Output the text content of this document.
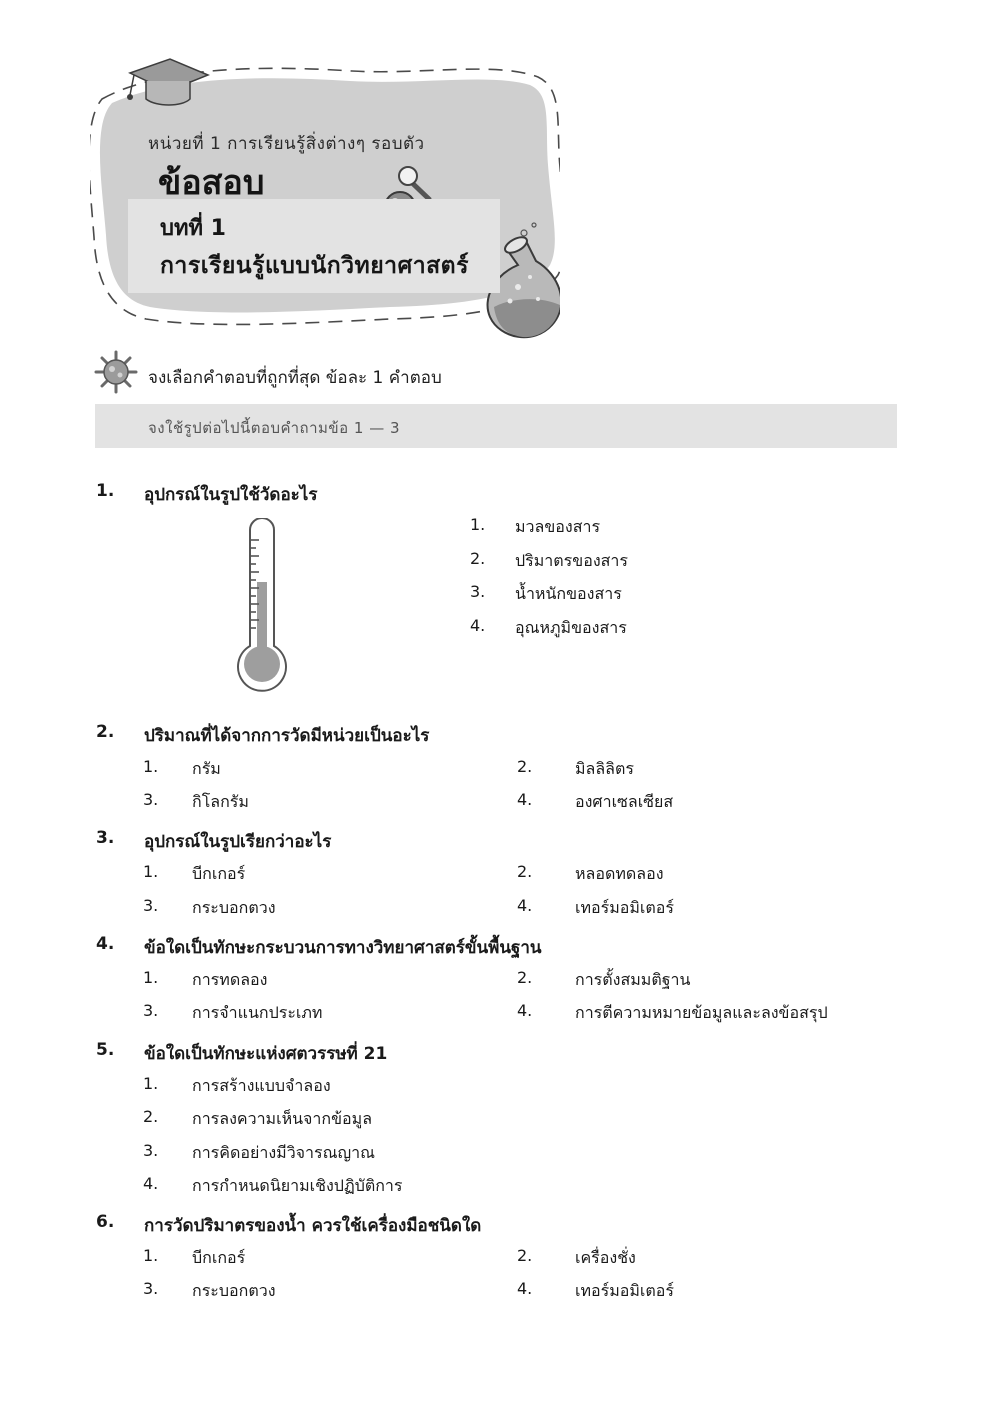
หน่วยที่ 1 การเรียนรู้สิ่งต่างๆ รอบตัว
ข้อสอบ
บทที่ 1
การเรียนรู้แบบนักวิทยาศาสตร์
จงเลือกคำตอบที่ถูกที่สุด ข้อละ 1 คำตอบ
จงใช้รูปต่อไปนี้ตอบคำถามข้อ 1 — 3
1. อุปกรณ์ในรูปใช้วัดอะไร
1.	มวลของสาร
2.	ปริมาตรของสาร
3.	น้ำหนักของสาร
4.	อุณหภูมิของสาร
2. ปริมาณที่ได้จากการวัดมีหน่วยเป็นอะไร
1.	กรัม	2.	มิลลิลิตร
3.	กิโลกรัม	4.	องศาเซลเซียส
3. อุปกรณ์ในรูปเรียกว่าอะไร
1.	บีกเกอร์	2.	หลอดทดลอง
3.	กระบอกตวง	4.	เทอร์มอมิเตอร์
4. ข้อใดเป็นทักษะกระบวนการทางวิทยาศาสตร์ขั้นพื้นฐาน
1.	การทดลอง	2.	การตั้งสมมติฐาน
3.	การจำแนกประเภท	4.	การตีความหมายข้อมูลและลงข้อสรุป
5. ข้อใดเป็นทักษะแห่งศตวรรษที่ 21
1.	การสร้างแบบจำลอง
2.	การลงความเห็นจากข้อมูล
3.	การคิดอย่างมีวิจารณญาณ
4.	การกำหนดนิยามเชิงปฏิบัติการ
6. การวัดปริมาตรของน้ำ ควรใช้เครื่องมือชนิดใด
1.	บีกเกอร์	2.	เครื่องชั่ง
3.	กระบอกตวง	4.	เทอร์มอมิเตอร์
